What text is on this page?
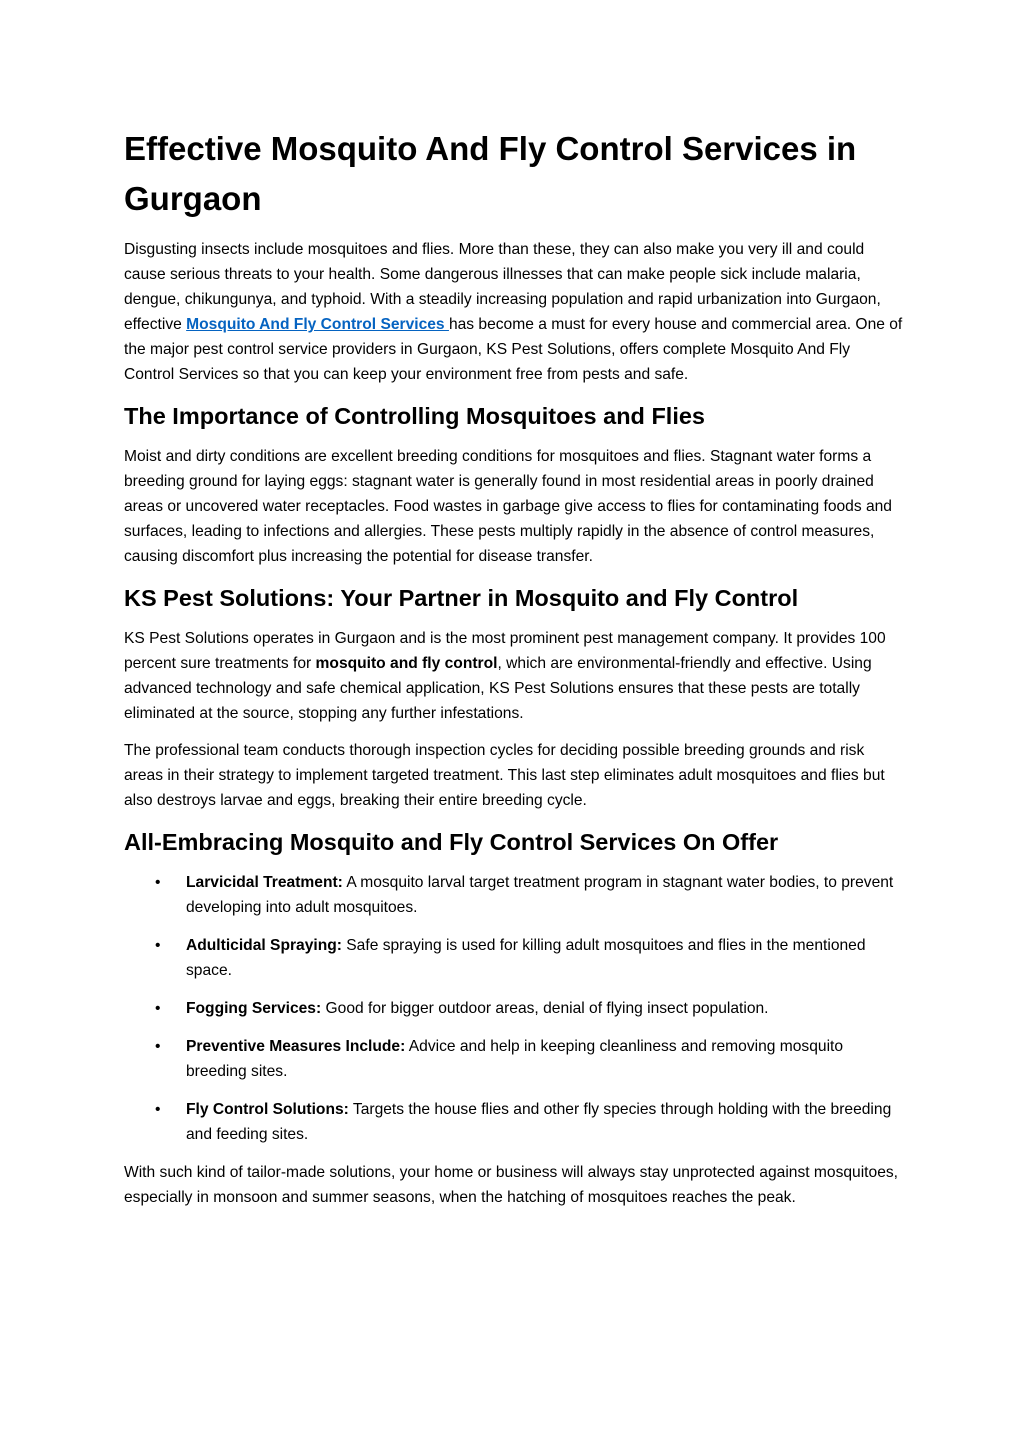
Effective Mosquito And Fly Control Services in Gurgaon

Disgusting insects include mosquitoes and flies. More than these, they can also make you very ill and could cause serious threats to your health. Some dangerous illnesses that can make people sick include malaria, dengue, chikungunya, and typhoid. With a steadily increasing population and rapid urbanization into Gurgaon, effective Mosquito And Fly Control Services has become a must for every house and commercial area. One of the major pest control service providers in Gurgaon, KS Pest Solutions, offers complete Mosquito And Fly Control Services so that you can keep your environment free from pests and safe.

The Importance of Controlling Mosquitoes and Flies

Moist and dirty conditions are excellent breeding conditions for mosquitoes and flies. Stagnant water forms a breeding ground for laying eggs: stagnant water is generally found in most residential areas in poorly drained areas or uncovered water receptacles. Food wastes in garbage give access to flies for contaminating foods and surfaces, leading to infections and allergies. These pests multiply rapidly in the absence of control measures, causing discomfort plus increasing the potential for disease transfer.

KS Pest Solutions: Your Partner in Mosquito and Fly Control

KS Pest Solutions operates in Gurgaon and is the most prominent pest management company. It provides 100 percent sure treatments for mosquito and fly control, which are environmental-friendly and effective. Using advanced technology and safe chemical application, KS Pest Solutions ensures that these pests are totally eliminated at the source, stopping any further infestations.

The professional team conducts thorough inspection cycles for deciding possible breeding grounds and risk areas in their strategy to implement targeted treatment. This last step eliminates adult mosquitoes and flies but also destroys larvae and eggs, breaking their entire breeding cycle.

All-Embracing Mosquito and Fly Control Services On Offer
• Larvicidal Treatment: A mosquito larval target treatment program in stagnant water bodies, to prevent developing into adult mosquitoes.
• Adulticidal Spraying: Safe spraying is used for killing adult mosquitoes and flies in the mentioned space.
• Fogging Services: Good for bigger outdoor areas, denial of flying insect population.
• Preventive Measures Include: Advice and help in keeping cleanliness and removing mosquito breeding sites.
• Fly Control Solutions: Targets the house flies and other fly species through holding with the breeding and feeding sites.

With such kind of tailor-made solutions, your home or business will always stay unprotected against mosquitoes, especially in monsoon and summer seasons, when the hatching of mosquitoes reaches the peak.
